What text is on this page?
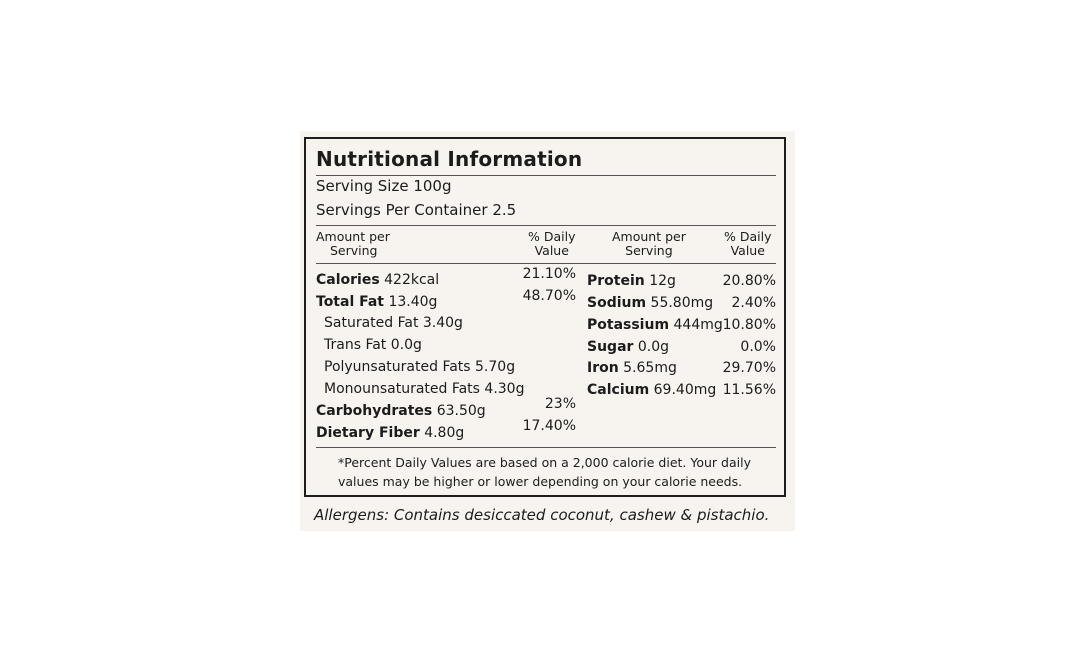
Nutritional Information
Serving Size 100g
Servings Per Container 2.5
Amount per
Serving
% Daily
Value
Amount per
Serving
% Daily
Value
Calories 422kcal
Total Fat 13.40g
Saturated Fat 3.40g
Trans Fat 0.0g
Polyunsaturated Fats 5.70g
Monounsaturated Fats 4.30g
Carbohydrates 63.50g
Dietary Fiber 4.80g
21.10%
48.70%
23%
17.40%
Protein 12g
Sodium 55.80mg
Potassium 444mg
Sugar 0.0g
Iron 5.65mg
Calcium 69.40mg
20.80%
2.40%
10.80%
0.0%
29.70%
11.56%
*Percent Daily Values are based on a 2,000 calorie diet. Your daily values may be higher or lower depending on your calorie needs.
Allergens: Contains desiccated coconut, cashew & pistachio.
